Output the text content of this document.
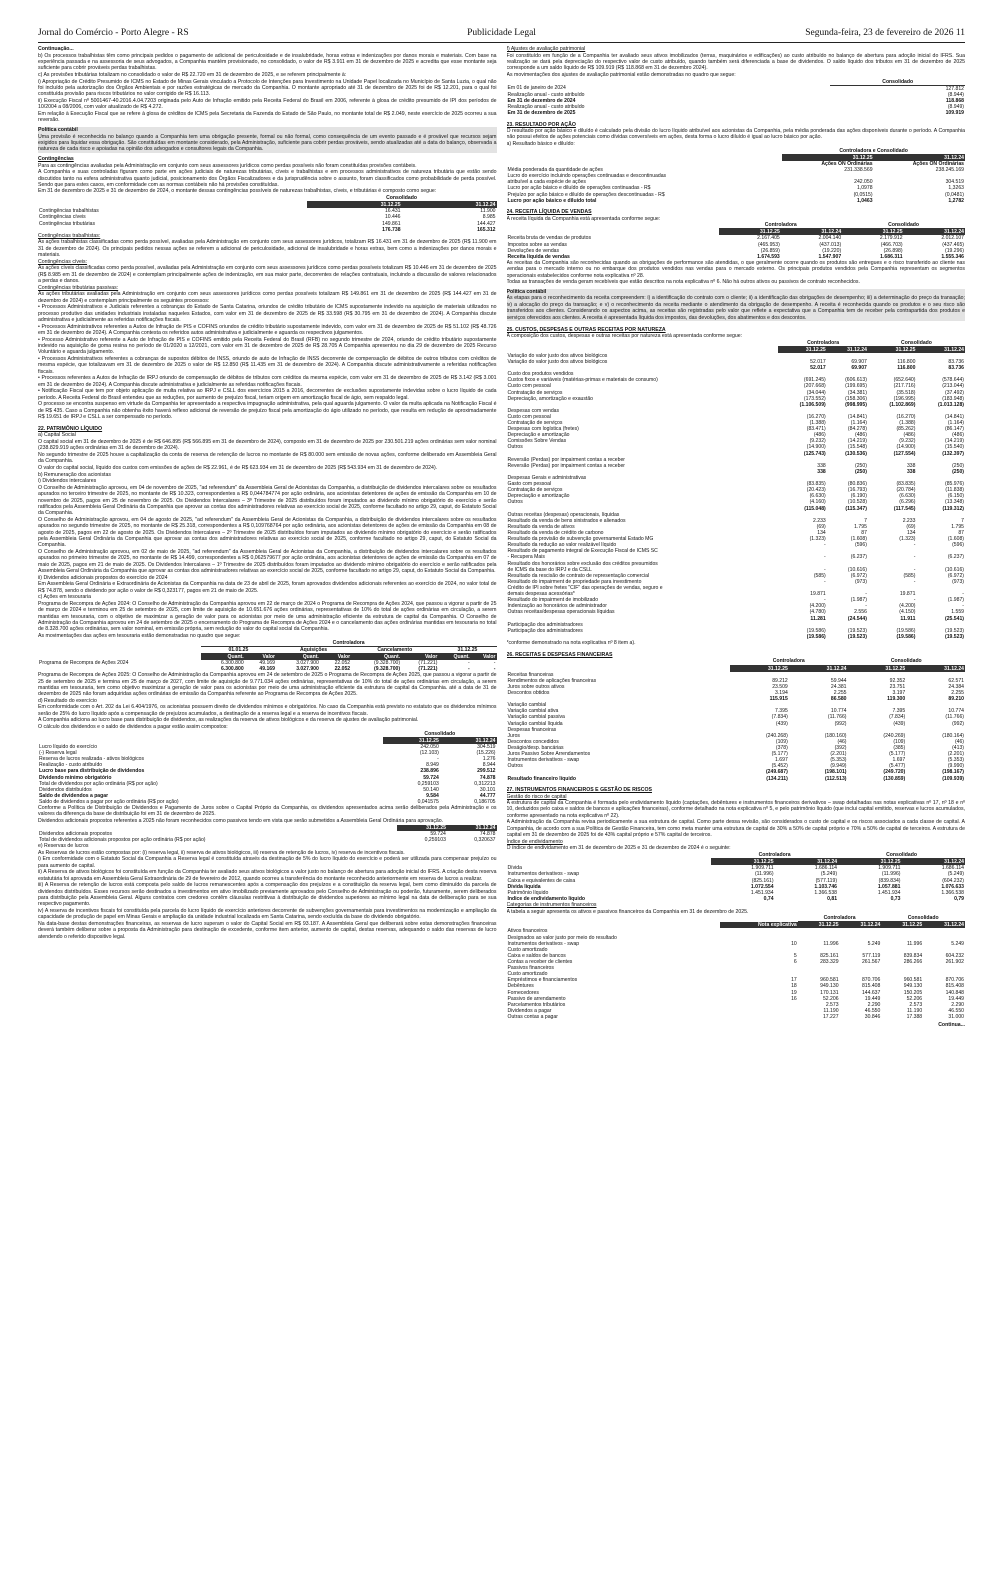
Jornal do Comércio - Porto Alegre - RS	Publicidade Legal	Segunda-feira, 23 de fevereiro de 2026 11

Continuação...

b) Os processos trabalhistas têm como principais pedidos o pagamento de adicional de periculosidade e de insalubridade, horas extras e indenizações por danos morais e materiais. Com base na experiência passada e na assessoria de seus advogados, a Companhia mantém provisionado, no consolidado, o valor de R$ 3.911 em 31 de dezembro de 2025 e acredita que esse montante seja suficiente para cobrir prováveis perdas trabalhistas.

c) As provisões tributárias totalizam no consolidado o valor de R$ 22.720 em 31 de dezembro de 2025, e se referem principalmente à:

i) Apropriação de Crédito Presumido de ICMS no Estado de Minas Gerais vinculado a Protocolo de Intenções para Investimento na Unidade Papel localizada no Município de Santa Luzia, o qual não foi incluído pela autorização dos Órgãos Ambientais e por razões estratégicas de mercado da Companhia. O montante apropriado até 31 de dezembro de 2025 foi de R$ 12.201, para o qual foi constituída provisão para riscos tributários no valor corrigido de R$ 16.113.

ii) Execução Fiscal nº 5001467-40.2016.4.04.7203 originada pelo Auto de Infração emitido pela Receita Federal do Brasil em 2006, referente à glosa de crédito presumido de IPI dos períodos de 10/2004 a 08/2006, com valor atualizado de R$ 4.272.

Em relação à Execução Fiscal que se refere à glosa de créditos de ICMS pela Secretaria da Fazenda do Estado de São Paulo, no montante total de R$ 2.049, neste exercício de 2025 ocorreu a sua reversão.

Política contábil

Uma provisão é reconhecida no balanço quando a Companhia tem uma obrigação presente, formal ou não formal, como consequência de um evento passado e é provável que recursos sejam exigidos para liquidar essa obrigação. São constituídas em montante considerado, pela Administração, suficiente para cobrir perdas prováveis, sendo atualizadas até a data do balanço, observada a natureza de cada risco e apoiadas na opinião dos advogados e consultores legais da Companhia.

Contingências

Para as contingências avaliadas pela Administração em conjunto com seus assessores jurídicos como perdas possíveis não foram constituídas provisões contábeis.

A Companhia e suas controladas figuram como parte em ações judiciais de naturezas tributárias, cíveis e trabalhistas e em processos administrativos de natureza tributária que estão sendo discutidos tanto na esfera administrativa quanto judicial, posicionamento dos Órgãos Fiscalizadores e da jurisprudência sobre o assunto, foram classificados como probabilidade de perda possível. Sendo que para estes casos, em conformidade com as normas contábeis não há provisões constituídas.

Em 31 de dezembro de 2025 e 31 de dezembro de 2024, o montante dessas contingências possíveis de naturezas trabalhistas, cíveis, e tributárias é composto como segue:

	Consolidado	
	31.12.25	31.12.24
Contingências trabalhistas	16.431	11.900
Contingências cíveis	10.446	8.985
Contingências tributárias	149.861	144.427
	176.738	165.312

Contingências trabalhistas:

As ações trabalhistas classificadas como perda possível, avaliadas pela Administração em conjunto com seus assessores jurídicos, totalizam R$ 16.431 em 31 de dezembro de 2025 (R$ 11.900 em 31 de dezembro de 2024). Os principais pedidos nessas ações se referem a adicional de periculosidade, adicional de insalubridade e horas extras, bem como a indenizações por danos morais e materiais.

Contingências cíveis:

As ações cíveis classificadas como perda possível, avaliadas pela Administração em conjunto com seus assessores jurídicos como perdas possíveis totalizam R$ 10.446 em 31 de dezembro de 2025 (R$ 8.985 em 31 de dezembro de 2024) e contemplam principalmente ações de indenização, em sua maior parte, decorrentes de relações contratuais, incluindo a discussão de valores relacionados a perdas e danos.

Contingências tributárias passivas:

As ações tributárias avaliadas pela Administração em conjunto com seus assessores jurídicos como perdas possíveis totalizam R$ 149.861 em 31 de dezembro de 2025 (R$ 144.427 em 31 de dezembro de 2024) e contemplam principalmente os seguintes processos:

• Processos Administrativos e Judiciais referentes a cobranças do Estado de Santa Catarina, oriundos de crédito tributário de ICMS supostamente indevido na aquisição de materiais utilizados no processo produtivo das unidades industriais instaladas naqueles Estados, com valor em 31 de dezembro de 2025 de R$ 33.598 (R$ 30.795 em 31 de dezembro de 2024). A Companhia discute administrativa e judicialmente as referidas notificações fiscais.

• Processos Administrativos referentes a Autos de Infração de PIS e COFINS oriundos de crédito tributário supostamente indevido, com valor em 31 de dezembro de 2025 de R$ 51.102 (R$ 48.726 em 31 de dezembro de 2024). A Companhia contesta os referidos autos administrativa e judicialmente e aguarda os respectivos julgamentos.

• Processo Administrativo referente a Auto de Infração de PIS e COFINS emitido pela Receita Federal do Brasil (RFB) no segundo trimestre de 2024, oriundo de crédito tributário supostamente indevido na aquisição de goma resina no período de 01/2020 a 12/2021, com valor em 31 de dezembro de 2025 de R$ 28.705 A Companhia apresentou no dia 29 de dezembro de 2025 Recurso Voluntário e aguarda julgamento.

• Processos Administrativos referentes a cobranças de supostos débitos de INSS, oriundo de auto de Infração de INSS decorrente de compensação de débitos de outros tributos com créditos de mesma espécie, que totalizavam em 31 de dezembro de 2025 o valor de R$ 12.850 (R$ 11.435 em 31 de dezembro de 2024). A Companhia discute administrativamente a referidas notificações fiscais.

• Processos referentes a Autos de Infração de IRPJ oriundo de compensação de débitos de tributos com créditos da mesma espécie, com valor em 31 de dezembro de 2025 de R$ 3.142 (R$ 3.001 em 31 de dezembro de 2024). A Companhia discute administrativa e judicialmente as referidas notificações fiscais.

• Notificação Fiscal que tem por objeto aplicação de multa relativa ao IRPJ e CSLL dos exercícios 2015 a 2016, decorrentes de exclusões supostamente indevidas sobre o lucro líquido de cada período. A Receita Federal do Brasil entendeu que as reduções, por aumento de prejuízo fiscal, teriam origem em amortização fiscal de ágio, sem respaldo legal.

O processo se encontra suspenso em virtude da Companhia ter apresentado a respectiva impugnação administrativa, pela qual aguarda julgamento. O valor da multa aplicada na Notificação Fiscal é de R$ 435. Caso a Companhia não obtenha êxito haverá reflexo adicional de reversão de prejuízo fiscal pela amortização do ágio utilizado no período, que resulta em redução de aproximadamente R$ 19.651 de IRPJ e CSLL a ser compensado no período.

22. PATRIMÔNIO LÍQUIDO

a) Capital Social

O capital social em 31 de dezembro de 2025 é de R$ 646.895 (R$ 566.895 em 31 de dezembro de 2024), composto em 31 de dezembro de 2025 por 230.501.219 ações ordinárias sem valor nominal (238.829.919 ações ordinárias em 31 de dezembro de 2024).

No segundo trimestre de 2025 houve a capitalização da conta de reserva de retenção de lucros no montante de R$ 80.000 sem emissão de novas ações, conforme deliberado em Assembleia Geral da Companhia.

O valor do capital social, líquido dos custos com emissões de ações de R$ 22.961, é de R$ 623.934 em 31 de dezembro de 2025 (R$ 543.934 em 31 de dezembro de 2024).

b) Remuneração dos acionistas

i) Dividendos intercalares

O Conselho de Administração aprovou, em 04 de novembro de 2025, "ad referendum" da Assembleia Geral de Acionistas da Companhia, a distribuição de dividendos intercalares sobre os resultados apurados no terceiro trimestre de 2025, no montante de R$ 10.323, correspondentes a R$ 0,044784774 por ação ordinária, aos acionistas detentores de ações de emissão da Companhia em 10 de novembro de 2025, pagos em 25 de novembro de 2025. Os Dividendos Intercalares – 3º Trimestre de 2025 distribuídos foram imputados ao dividendo mínimo obrigatório do exercício e serão ratificados pela Assembleia Geral Ordinária da Companhia que aprovar as contas dos administradores relativas ao exercício social de 2025, conforme facultado no artigo 29, caput, do Estatuto Social da Companhia.

O Conselho de Administração aprovou, em 04 de agosto de 2025, "ad referendum" da Assembleia Geral de Acionistas da Companhia, a distribuição de dividendos intercalares sobre os resultados apurados no segundo trimestre de 2025, no montante de R$ 25.318, correspondentes a R$ 0,109768764 por ação ordinária, aos acionistas detentores de ações de emissão da Companhia em 08 de agosto de 2025, pagos em 22 de agosto de 2025. Os Dividendos Intercalares – 2º Trimestre de 2025 distribuídos foram imputados ao dividendo mínimo obrigatório do exercício e serão ratificados pela Assembleia Geral Ordinária da Companhia que aprovar as contas dos administradores relativas ao exercício social de 2025, conforme facultado no artigo 29, caput, do Estatuto Social da Companhia.

O Conselho de Administração aprovou, em 02 de maio de 2025, "ad referendum" da Assembleia Geral de Acionistas da Companhia, a distribuição de dividendos intercalares sobre os resultados apurados no primeiro trimestre de 2025, no montante de R$ 14.499, correspondentes a R$ 0,062579677 por ação ordinária, aos acionistas detentores de ações de emissão da Companhia em 07 de maio de 2025, pagos em 21 de maio de 2025. Os Dividendos Intercalares – 1º Trimestre de 2025 distribuídos foram imputados ao dividendo mínimo obrigatório do exercício e serão ratificados pela Assembleia Geral Ordinária da Companhia que aprovar as contas dos administradores relativas ao exercício social de 2025, conforme facultado no artigo 29, caput, do Estatuto Social da Companhia.

ii) Dividendos adicionais propostos do exercício de 2024

Em Assembleia Geral Ordinária e Extraordinária de Acionistas da Companhia na data de 23 de abril de 2025, foram aprovados dividendos adicionais referentes ao exercício de 2024, no valor total de R$ 74.878, sendo o dividendo por ação o valor de R$ 0,323177, pagos em 21 de maio de 2025.

c) Ações em tesouraria

Programa de Recompra de Ações 2024: O Conselho de Administração da Companhia aprovou em 22 de março de 2024 o Programa de Recompra de Ações 2024, que passou a vigorar a partir de 25 de março de 2024 e terminou em 25 de setembro de 2025, com limite de aquisição de 10.651.676 ações ordinárias, representativas de 10% do total de ações ordinárias em circulação, a serem mantidas em tesouraria, com o objetivo de maximizar a geração de valor para os acionistas por meio de uma administração eficiente da estrutura de capital da Companhia. O Conselho de Administração da Companhia aprovou em 24 de setembro de 2025 o encerramento do Programa de Recompra de Ações 2024 e o cancelamento das ações ordinárias mantidas em tesouraria no total de 8.328.700 ações ordinárias, sem valor nominal, em emissão própria, sem redução do valor do capital social da Companhia.

As movimentações das ações em tesouraria estão demonstradas no quadro que segue:

	Controladora							
	01.01.25		Aquisições		Cancelamento		31.12.25	
	Quant.	Valor	Quant.	Valor	Quant.	Valor	Quant.	Valor
Programa de Recompra de Ações 2024	6.300.800	49.169	3.027.900	22.052	(9.328.700)	(71.221)	-	-
	6.300.800	49.169	3.027.900	22.052	(9.328.700)	(71.221)	-	-

Programa de Recompra de Ações 2025: O Conselho de Administração da Companhia aprovou em 24 de setembro de 2025 o Programa de Recompra de Ações 2025, que passou a vigorar a partir de 25 de setembro de 2025 e termina em 25 de março de 2027, com limite de aquisição de 9.771.034 ações ordinárias, representativas de 10% do total de ações ordinárias em circulação, a serem mantidas em tesouraria, tem como objetivo maximizar a geração de valor para os acionistas por meio de uma administração eficiente da estrutura de capital da Companhia. até a data de 31 de dezembro de 2025 não foram adquiridas ações ordinárias de emissão da Companhia referente ao Programa de Recompra de Ações 2025.

d) Resultado do exercício

Em conformidade com o Art. 202 da Lei 6.404/1976, os acionistas possuem direito de dividendos mínimos e obrigatórios. No caso da Companhia está previsto no estatuto que os dividendos mínimos serão de 25% do lucro líquido após a compensação de prejuízos acumulados, a destinação de a reserva legal e a reserva de incentivos fiscais.

A Companhia adiciona ao lucro base para distribuição de dividendos, as realizações da reserva de ativos biológicos e da reserva de ajustes de avaliação patrimonial.

O cálculo dos dividendos e o saldo de dividendos a pagar estão assim compostos:

	Consolidado	
	31.12.25	31.12.24
Lucro líquido do exercício	242.050	304.519
(-) Reserva legal	(12.103)	(15.226)
Reserva de lucros realizada - ativos biológicos	-	1.276
Realização - custo atribuído	8.949	8.944
Lucro base para distribuição de dividendos	238.896	299.512
Dividendo mínimo obrigatório	59.724	74.878
Total de dividendos por ação ordinária (R$ por ação)	0,259103	0,312213
Dividendos distribuídos	50.140	30.101
Saldo de dividendos a pagar	9.584	44.777
Saldo de dividendos a pagar por ação ordinária (R$ por ação)	0,041575	0,186705

Conforme a Política de Distribuição de Dividendos e Pagamento de Juros sobre o Capital Próprio da Companhia, os dividendos apresentados acima serão deliberados pela Administração e os valores da diferença da base de distribuição foi em 31 de dezembro de 2025.

Dividendos adicionais propostos referentes a 2025 não foram reconhecidos como passivos tendo em vista que serão submetidos a Assembleia Geral Ordinária para aprovação.

	31.12.25	31.12.24
Dividendos adicionais propostos	59.724	74.878
Total de dividendos adicionais propostos por ação ordinária (R$ por ação)	0,259103	0,320637

e) Reservas de lucros

As Reservas de lucros estão compostas por: (i) reserva legal, ii) reserva de ativos biológicos, iii) reserva de retenção de lucros, iv) reserva de incentivos fiscais.

i) Em conformidade com o Estatuto Social da Companhia a Reserva legal é constituída através da destinação de 5% do lucro líquido do exercício e poderá ser utilizada para compensar prejuízo ou para aumento de capital.

ii) A Reserva de ativos biológicos foi constituída em função da Companhia ter avaliado seus ativos biológicos a valor justo no balanço de abertura para adoção inicial do IFRS. A criação desta reserva estatutária foi aprovada em Assembleia Geral Extraordinária de 29 de fevereiro de 2012, quando ocorreu a transferência do montante reconhecido anteriormente em reserva de lucros a realizar.

iii) A Reserva de retenção de lucros está composta pelo saldo de lucros remanescentes após a compensação dos prejuízos e a constituição da reserva legal, bem como diminuído da parcela de dividendos distribuídos. Esses recursos serão destinados a investimentos em ativo imobilizado previamente aprovados pelo Conselho de Administração ou poderão, futuramente, serem deliberados para distribuição pela Assembleia Geral. Alguns contratos com credores contêm cláusulas restritivas à distribuição de dividendos superiores ao mínimo legal na data de deliberação para se sua respectivo pagamento.

iv) A reserva de incentivos fiscais foi constituída pela parcela do lucro líquido de exercício anteriores decorrente de subvenções governamentais para investimentos na modernização e ampliação da capacidade de produção de papel em Minas Gerais e ampliação da unidade industrial localizada em Santa Catarina, sendo excluída da base do dividendo obrigatório.

Na data-base destas demonstrações financeiras, as reservas de lucro superam o valor do Capital Social em R$ 93.187. A Assembleia Geral que deliberará sobre estas demonstrações financeiras deverá também deliberar sobre a proposta da Administração para destinação de excedente, conforme item anterior, aumento de capital, destas reservas, adequando o saldo das reservas de lucro atendendo o referido dispositivo legal.

f) Ajustes de avaliação patrimonial

Foi constituído em função de a Companhia ter avaliado seus ativos imobilizados (terras, maquinários e edificações) ao custo atribuído no balanço de abertura para adoção inicial do IFRS. Sua realização se dará pela depreciação do respectivo valor de custo atribuído, quando também será diferenciada a base de dividendos. O saldo líquido dos tributos em 31 de dezembro de 2025 corresponde a um saldo líquido de R$ 109.919 (R$ 118.868 em 31 de dezembro 2024).

As movimentações dos ajustes de avaliação patrimonial estão demonstradas no quadro que segue:

	Consolidado
Em 01 de janeiro de 2024	127.812
Realização anual - custo atribuído	(8.944)
Em 31 de dezembro de 2024	118.868
Realização anual - custo atribuído	(8.949)
Em 31 de dezembro de 2025	109.919
23. RESULTADO POR AÇÃO

O resultado por ação básico e diluído é calculado pela divisão do lucro líquido atribuível aos acionistas da Companhia, pela média ponderada das ações disponíveis durante o período. A Companhia não possui efeitos de ações potenciais como dívidas conversíveis em ações, desta forma o lucro diluído é igual ao lucro básico por ação.

a) Resultado básico e diluído:

	Controladora e Consolidado	
	31.12.25	31.12.24
	Ações ON Ordinárias	Ações ON Ordinárias
Média ponderada da quantidade de ações	231.338.569	238.245.169
Lucro do exercício incluindo operações continuadas e descontinuadas		
atribuível a cada espécie de ações	242.050	304.519
Lucro por ação básico e diluído de operações continuadas - R$	1,0978	1,3263
Prejuízo por ação básico e diluído de operações descontinuadas - R$	(0,0515)	(0,0481)
Lucro por ação básico e diluído total	1,0463	1,2782
24. RECEITA LÍQUIDA DE VENDAS

A receita líquida da Companhia está apresentada conforme segue:

	Controladora		Consolidado	
	31.12.25	31.12.24	31.12.25	31.12.24
Receita bruta de vendas de produtos	2.167.405	2.004.140	2.179.912	2.012.107
Impostos sobre as vendas	(465.953)	(437.013)	(466.703)	(437.465)
Devoluções de vendas	(26.859)	(19.220)	(26.898)	(19.296)
Receita líquida de vendas	1.674.593	1.547.907	1.686.311	1.555.346

As receitas da Companhia são reconhecidas quando as obrigações de performance são atendidas, o que geralmente ocorre quando os produtos são entregues e o risco transferido ao cliente nas vendas para o mercado interno ou no embarque dos produtos vendidos nas vendas para o mercado externo. Os principais produtos vendidos pela Companhia representam os segmentos operacionais estabelecidos conforme nota explicativa nº 28.

Todas as transações de venda geram recebíveis que estão descritos na nota explicativa nº 6. Não há outros ativos ou passivos de contrato reconhecidos.

Política contábil

As etapas para o reconhecimento da receita compreendem: i) a identificação do contrato com o cliente; ii) a identificação das obrigações de desempenho; iii) a determinação do preço da transação; iv) a alocação do preço da transação; e v) o reconhecimento da receita mediante o atendimento da obrigação de desempenho. A receita é reconhecida quando os produtos e o seu risco são transferidos aos clientes. Considerando os aspectos acima, as receitas são registradas pelo valor que reflete a expectativa que a Companhia tem de receber pela contrapartida dos produtos e serviços oferecidos aos clientes. A receita é apresentada líquida dos impostos, das devoluções, dos abatimentos e dos descontos.

25. CUSTOS, DESPESAS E OUTRAS RECEITAS POR NATUREZA

A composição dos custos, despesas e outras receitas por natureza está apresentada conforme segue:

	Controladora		Consolidado	
	31.12.25	31.12.24	31.12.25	31.12.24
Variação do valor justo dos ativos biológicos				
Variação do valor justo dos ativos biológicos	52.017	69.907	116.800	83.736
	52.017	69.907	116.800	83.736
Custo dos produtos vendidos				
Custos fixos e variáveis (matérias-primas e materiais de consumo)	(691.245)	(606.613)	(652.640)	(578.644)
Custo com pessoal	(207.668)	(199.695)	(217.716)	(213.044)
Contratação de serviços	(34.044)	(34.381)	(35.518)	(37.492)
Depreciação, amortização e exaustão	(173.552)	(158.306)	(196.995)	(183.948)
	(1.106.509)	(998.995)	(1.102.869)	(1.013.128)
Despesas com vendas				
Custo com pessoal	(16.270)	(14.841)	(16.270)	(14.841)
Contratação de serviços	(1.388)	(1.164)	(1.388)	(1.164)
Despesas com logística (fretes)	(83.471)	(84.278)	(85.262)	(86.147)
Depreciação e amortização	(486)	(486)	(486)	(486)
Comissões Sobre Vendas	(9.232)	(14.219)	(9.232)	(14.219)
Outros	(14.900)	(15.548)	(14.900)	(15.540)
	(125.743)	(130.536)	(127.554)	(132.397)
Reversão (Perdas) por impairment contas a receber				
Reversão (Perdas) por impairment contas a receber	338	(250)	338	(250)
	338	(250)	338	(250)
Despesas Gerais e administrativas				
Gasto com pessoal	(83.835)	(80.836)	(83.835)	(85.976)
Contratação de serviços	(20.423)	(16.793)	(20.784)	(11.838)
Depreciação e amortização	(6.630)	(6.190)	(6.630)	(6.150)
Outros	(4.160)	(10.528)	(6.296)	(13.348)
	(115.048)	(115.347)	(117.545)	(119.312)
Outras receitas (despesas) operacionais, líquidas				
Resultado da venda de bens sinistrados e alienados	2.233	7	2.233	7
Resultado da venda de ativos	(69)	1.795	(69)	1.795
Resultado da venda de crédito de carbono	134	87	134	87
Resultado da provisão de subvenção governamental Estado MG	(1.323)	(1.608)	(1.323)	(1.608)
Resultado da redução ao valor realizável líquido	-	(596)	-	(596)
Resultado de pagamento integral de Execução Fiscal de ICMS SC				
- Recupera Mais	-	(6.237)	-	(6.237)
Resultado dos honorários sobre exclusão dos créditos presumidos				
de ICMS da base do IRPJ e da CSLL	-	(10.616)	-	(10.616)
Resultado da rescisão de contrato de representação comercial	(585)	(6.972)	(585)	(6.972)
Resultado do impairment de propriedade para investimento	-	(973)	-	(973)
Crédito de IPI sobre fretes "CIF" das operações de vendas, seguro e				
demais despesas acessórias*	19.871	-	19.871	-
Resultado do impairment de imobilizado	-	(1.987)	-	(1.987)
Indenização ao honorários de administrador	(4.200)	-	(4.200)	-
Outras receitas/despesas operacionais líquidas	(4.780)	2.556	(4.150)	1.559
	11.281	(24.544)	11.911	(25.541)
Participação dos administradores				
Participação dos administradores	(19.586)	(19.523)	(19.586)	(19.523)
	(19.586)	(19.523)	(19.586)	(19.523)

*conforme demonstrado na nota explicativa nº 8 item a).

26. RECEITAS E DESPESAS FINANCEIRAS
	Controladora		Consolidado	
	31.12.25	31.12.24	31.12.25	31.12.24
Receitas financeiras				
Rendimentos de aplicações financeiras	89.212	59.944	92.352	62.571
Juros sobre outros ativos	23.509	24.381	23.751	24.384
Descontos obtidos	3.194	2.255	3.197	2.255
	115.915	86.580	119.300	89.210
Variação cambial				
Variação cambial ativa	7.395	10.774	7.395	10.774
Variação cambial passiva	(7.834)	(11.766)	(7.834)	(11.766)
Variação cambial líquida	(439)	(992)	(439)	(992)
Despesas financeiras				
Juros	(240.268)	(180.160)	(240.269)	(180.164)
Descontos concedidos	(109)	(46)	(109)	(46)
Deságio/desp. bancárias	(378)	(392)	(385)	(413)
Juros Passivo Sobre Arrendamentos	(5.177)	(2.201)	(5.177)	(2.201)
Instrumentos derivativos - swap	1.697	(5.353)	1.697	(5.353)
Outros	(5.452)	(9.949)	(5.477)	(9.990)
	(249.687)	(198.101)	(249.720)	(198.167)
Resultado financeiro líquido	(134.211)	(112.513)	(130.859)	(109.939)
27. INSTRUMENTOS FINANCEIROS E GESTÃO DE RISCOS

Gestão do risco de capital

A estrutura de capital da Companhia é formada pelo endividamento líquido (captações, debêntures e instrumentos financeiros derivativos – swap detalhadas nas notas explicativas nº 17, nº 18 e nº 10, deduzidos pelo caixa e saldos de bancos e aplicações financeiras), conforme detalhado na nota explicativa nº 5, e pelo patrimônio líquido (que inclui capital emitido, reservas e lucros acumulados, conforme apresentado na nota explicativa nº 22).

A Administração da Companhia revisa periodicamente a sua estrutura de capital. Como parte dessa revisão, são considerados o custo de capital e os riscos associados a cada classe de capital. A Companhia, de acordo com a sua Política de Gestão Financeira, tem como meta manter uma estrutura de capital de 30% a 50% de capital próprio e 70% a 50% de capital de terceiros. A estrutura de capital em 31 de dezembro de 2025 foi de 43% capital próprio e 57% capital de terceiros.

Índice de endividamento

O índice de endividamento em 31 de dezembro de 2025 e 31 de dezembro de 2024 é o seguinte:

	Controladora		Consolidado	
	31.12.25	31.12.24	31.12.25	31.12.24
Dívida	1.909.711	1.686.114	1.909.711	1.686.114
Instrumentos derivativos - swap	(11.996)	(5.249)	(11.996)	(5.249)
Caixa e equivalentes de caixa	(825.161)	(577.119)	(839.834)	(604.232)
Dívida líquida	1.072.554	1.103.746	1.057.881	1.076.633
Patrimônio líquido	1.451.934	1.366.538	1.451.934	1.366.538
Índice de endividamento líquido	0,74	0,81	0,73	0,79

Categorias de instrumentos financeiros

A tabela a seguir apresenta os ativos e passivos financeiros da Companhia em 31 de dezembro de 2025.

		Controladora		Consolidado	
	Nota explicativa	31.12.25	31.12.24	31.12.25	31.12.24
Ativos financeiros					
Designados ao valor justo por meio do resultado					
Instrumentos derivativos - swap	10	11.996	5.249	11.996	5.249
Custo amortizado					
Caixa e saldos de bancos	5	825.161	577.119	839.834	604.232
Contas a receber de clientes	6	283.329	261.567	286.266	261.902
Passivos financeiros					
Custo amortizado					
Empréstimos e financiamentos	17	960.581	870.706	960.581	870.706
Debêntures	18	949.130	815.408	949.130	815.408
Fornecedores	19	170.131	144.637	150.205	140.848
Passivo de arrendamento	16	52.206	19.449	52.206	19.449
Parcelamentos tributários		2.573	2.290	2.573	2.290
Dividendos a pagar		11.190	46.550	11.190	46.550
Outras contas a pagar		17.227	30.846	17.388	31.000
Continua...
